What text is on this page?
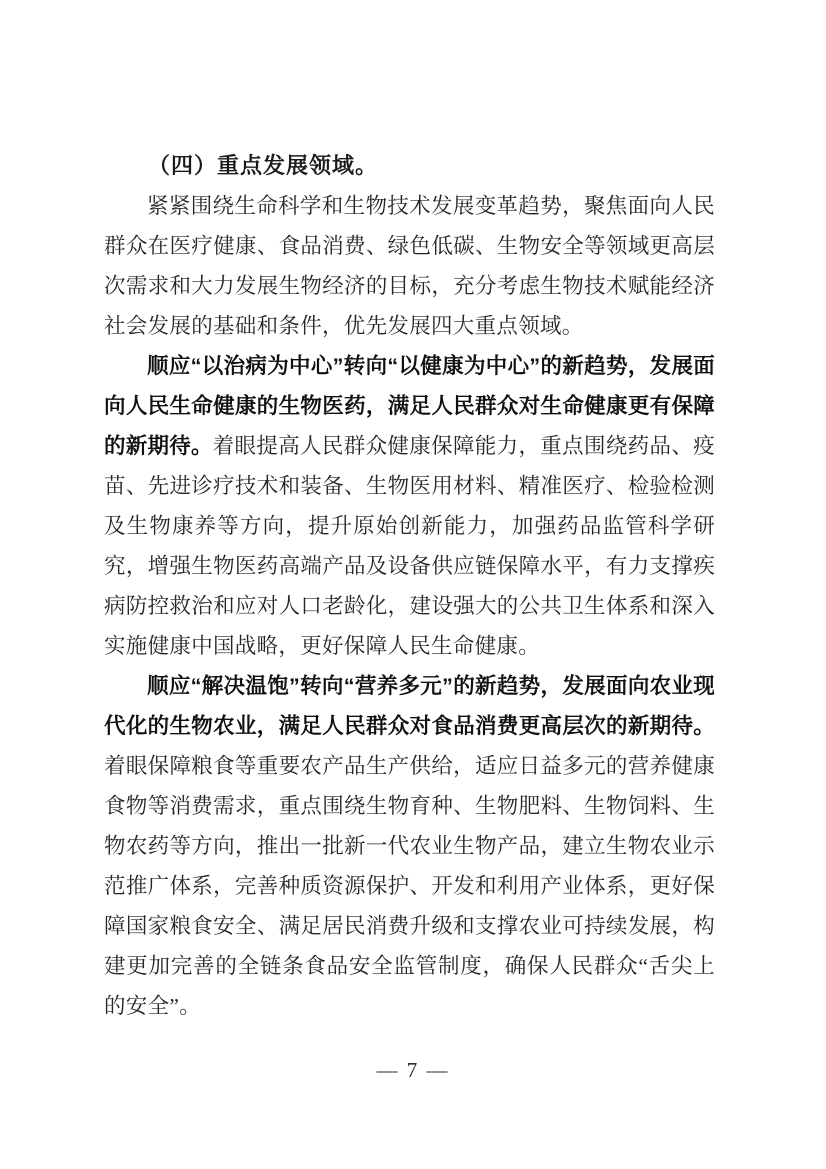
（四）重点发展领域。

紧紧围绕生命科学和生物技术发展变革趋势，聚焦面向人民群众在医疗健康、食品消费、绿色低碳、生物安全等领域更高层次需求和大力发展生物经济的目标，充分考虑生物技术赋能经济社会发展的基础和条件，优先发展四大重点领域。

顺应“以治病为中心”转向“以健康为中心”的新趋势，发展面向人民生命健康的生物医药，满足人民群众对生命健康更有保障的新期待。着眼提高人民群众健康保障能力，重点围绕药品、疫苗、先进诊疗技术和装备、生物医用材料、精准医疗、检验检测及生物康养等方向，提升原始创新能力，加强药品监管科学研究，增强生物医药高端产品及设备供应链保障水平，有力支撑疾病防控救治和应对人口老龄化，建设强大的公共卫生体系和深入实施健康中国战略，更好保障人民生命健康。

顺应“解决温饱”转向“营养多元”的新趋势，发展面向农业现代化的生物农业，满足人民群众对食品消费更高层次的新期待。着眼保障粮食等重要农产品生产供给，适应日益多元的营养健康食物等消费需求，重点围绕生物育种、生物肥料、生物饲料、生物农药等方向，推出一批新一代农业生物产品，建立生物农业示范推广体系，完善种质资源保护、开发和利用产业体系，更好保障国家粮食安全、满足居民消费升级和支撑农业可持续发展，构建更加完善的全链条食品安全监管制度，确保人民群众“舌尖上的安全”。

— 7 —
